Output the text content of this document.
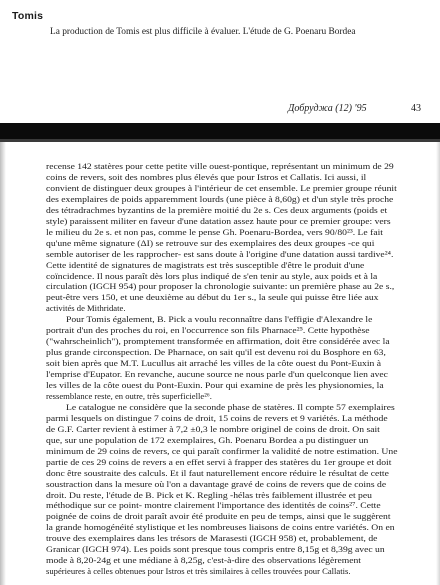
Tomis
La production de Tomis est plus difficile à évaluer. L'étude de G. Poenaru Bordea
Добруджа (12) '95	43
recense 142 statères pour cette petite ville ouest-pontique, représentant un minimum de 29
coins de revers, soit des nombres plus élevés que pour Istros et Callatis. Ici aussi, il
convient de distinguer deux groupes à l'intérieur de cet ensemble. Le premier groupe réunit
des exemplaires de poids apparemment lourds (une pièce à 8,60g) et d'un style très proche
des tétradrachmes byzantins de la première moitié du 2e s. Ces deux arguments (poids et
style) paraissent militer en faveur d'une datation assez haute pour ce premier groupe: vers
le milieu du 2e s. et non pas, comme le pense Gh. Poenaru-Bordea, vers 90/80²³. Le fait
qu'une même signature (ΔΙ) se retrouve sur des exemplaires des deux groupes -ce qui
semble autoriser de les rapprocher- est sans doute à l'origine d'une datation aussi tardive²⁴.
Cette identité de signatures de magistrats est très susceptible d'être le produit d'une
coïncidence. Il nous paraît dès lors plus indiqué de s'en tenir au style, aux poids et à la
circulation (IGCH 954) pour proposer la chronologie suivante: un première phase au 2e s.,
peut-être vers 150, et une deuxième au début du 1er s., la seule qui puisse être liée aux
activités de Mithridate.
Pour Tomis également, B. Pick a voulu reconnaître dans l'effigie d'Alexandre le
portrait d'un des proches du roi, en l'occurrence son fils Pharnace²⁵. Cette hypothèse
("wahrscheinlich"), promptement transformée en affirmation, doit être considérée avec la
plus grande circonspection. De Pharnace, on sait qu'il est devenu roi du Bosphore en 63,
soit bien après que M.T. Lucullus ait arraché les villes de la côte ouest du Pont-Euxin à
l'emprise d'Eupator. En revanche, aucune source ne nous parle d'un quelconque lien avec
les villes de la côte ouest du Pont-Euxin. Pour qui examine de près les physionomies, la
ressemblance reste, en outre, très superficielle²⁶.
Le catalogue ne considère que la seconde phase de statères. Il compte 57 exemplaires
parmi lesquels on distingue 7 coins de droit, 15 coins de revers et 9 variétés. La méthode
de G.F. Carter revient à estimer à 7,2 ±0,3 le nombre originel de coins de droit. On sait
que, sur une population de 172 exemplaires, Gh. Poenaru Bordea a pu distinguer un
minimum de 29 coins de revers, ce qui paraît confirmer la validité de notre estimation. Une
partie de ces 29 coins de revers a en effet servi à frapper des statères du 1er groupe et doit
donc être soustraite des calculs. Et il faut naturellement encore réduire le résultat de cette
soustraction dans la mesure où l'on a davantage gravé de coins de revers que de coins de
droit. Du reste, l'étude de B. Pick et K. Regling -hélas très faiblement illustrée et peu
méthodique sur ce point- montre clairement l'importance des identités de coins²⁷. Cette
poignée de coins de droit paraît avoir été produite en peu de temps, ainsi que le suggèrent
la grande homogénéité stylistique et les nombreuses liaisons de coins entre variétés. On en
trouve des exemplaires dans les trésors de Marasesti (IGCH 958) et, probablement, de
Granicar (IGCH 974). Les poids sont presque tous compris entre 8,15g et 8,39g avec un
mode à 8,20-24g et une médiane à 8,25g, c'est-à-dire des observations légèrement
supérieures à celles obtenues pour Istros et très similaires à celles trouvées pour Callatis.
